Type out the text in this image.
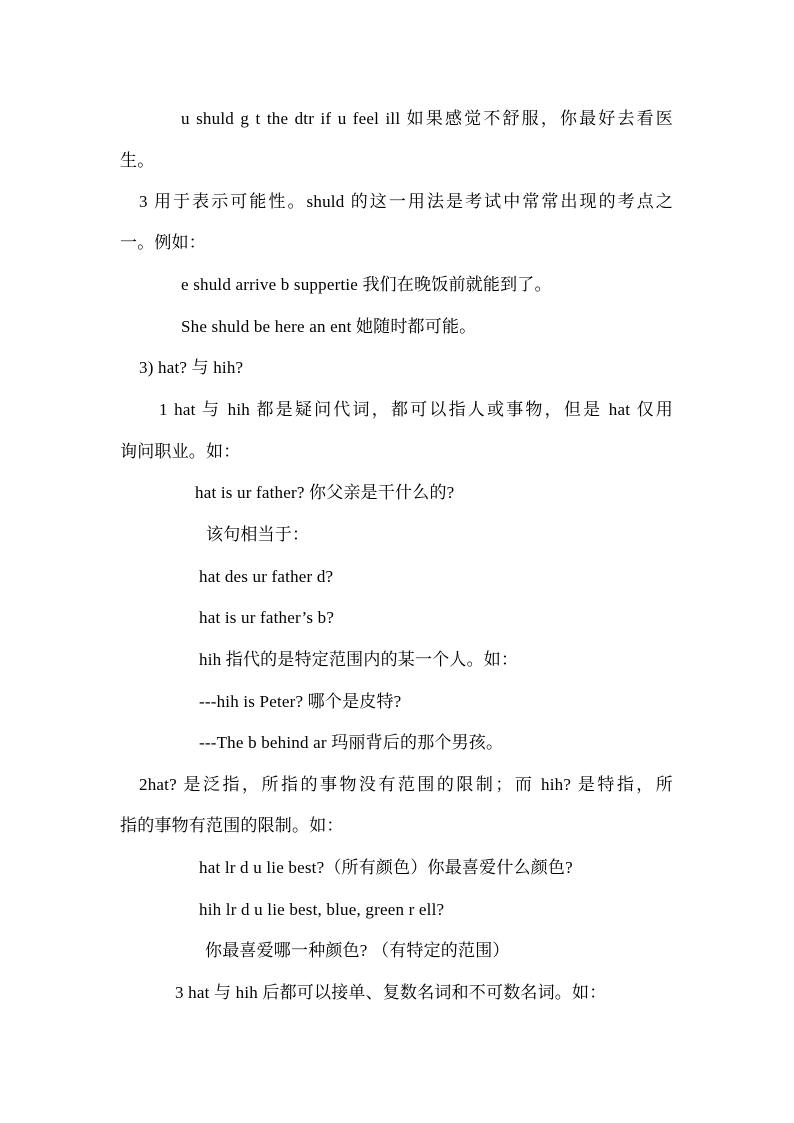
u shuld g t the dtr if u feel ill 如果感觉不舒服，你最好去看医
生。
3 用于表示可能性。shuld 的这一用法是考试中常常出现的考点之
一。例如：
e shuld arrive b suppertie 我们在晚饭前就能到了。
She shuld be here an ent 她随时都可能。
3) hat? 与 hih?
1 hat 与 hih 都是疑问代词，都可以指人或事物，但是 hat 仅用
询问职业。如：
hat is ur father? 你父亲是干什么的?
该句相当于：
hat des ur father d?
hat is ur father’s b?
hih 指代的是特定范围内的某一个人。如：
---hih is Peter? 哪个是皮特?
---The b behind ar 玛丽背后的那个男孩。
2hat? 是泛指，所指的事物没有范围的限制；而 hih? 是特指，所
指的事物有范围的限制。如：
hat lr d u lie best?（所有颜色）你最喜爱什么颜色?
hih lr d u lie best, blue, green r ell?
你最喜爱哪一种颜色? （有特定的范围）
3 hat 与 hih 后都可以接单、复数名词和不可数名词。如：
